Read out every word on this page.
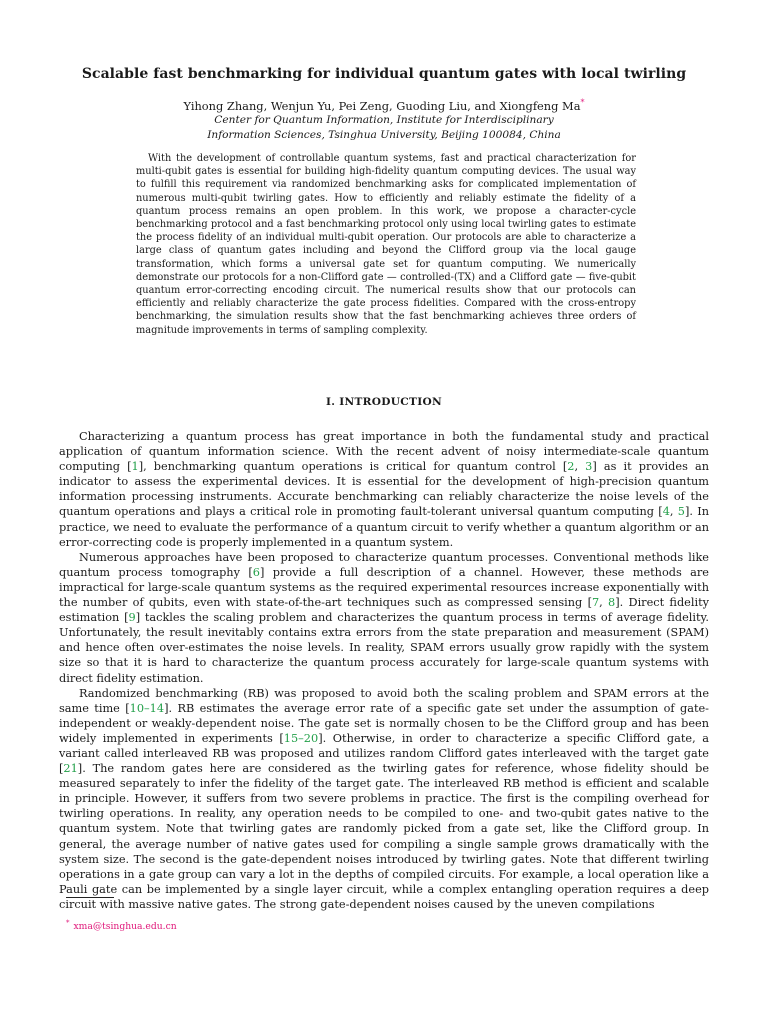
Scalable fast benchmarking for individual quantum gates with local twirling
Yihong Zhang, Wenjun Yu, Pei Zeng, Guoding Liu, and Xiongfeng Ma*
Center for Quantum Information, Institute for Interdisciplinary
Information Sciences, Tsinghua University, Beijing 100084, China
With the development of controllable quantum systems, fast and practical characterization for multi-qubit gates is essential for building high-fidelity quantum computing devices. The usual way to fulfill this requirement via randomized benchmarking asks for complicated implementation of numerous multi-qubit twirling gates. How to efficiently and reliably estimate the fidelity of a quantum process remains an open problem. In this work, we propose a character-cycle benchmarking protocol and a fast benchmarking protocol only using local twirling gates to estimate the process fidelity of an individual multi-qubit operation. Our protocols are able to characterize a large class of quantum gates including and beyond the Clifford group via the local gauge transformation, which forms a universal gate set for quantum computing. We numerically demonstrate our protocols for a non-Clifford gate — controlled-(TX) and a Clifford gate — five-qubit quantum error-correcting encoding circuit. The numerical results show that our protocols can efficiently and reliably characterize the gate process fidelities. Compared with the cross-entropy benchmarking, the simulation results show that the fast benchmarking achieves three orders of magnitude improvements in terms of sampling complexity.
I. INTRODUCTION

Characterizing a quantum process has great importance in both the fundamental study and practical application of quantum information science. With the recent advent of noisy intermediate-scale quantum computing [1], benchmarking quantum operations is critical for quantum control [2, 3] as it provides an indicator to assess the experimental devices. It is essential for the development of high-precision quantum information processing instruments. Accurate benchmarking can reliably characterize the noise levels of the quantum operations and plays a critical role in promoting fault-tolerant universal quantum computing [4, 5]. In practice, we need to evaluate the performance of a quantum circuit to verify whether a quantum algorithm or an error-correcting code is properly implemented in a quantum system.

Numerous approaches have been proposed to characterize quantum processes. Conventional methods like quantum process tomography [6] provide a full description of a channel. However, these methods are impractical for large-scale quantum systems as the required experimental resources increase exponentially with the number of qubits, even with state-of-the-art techniques such as compressed sensing [7, 8]. Direct fidelity estimation [9] tackles the scaling problem and characterizes the quantum process in terms of average fidelity. Unfortunately, the result inevitably contains extra errors from the state preparation and measurement (SPAM) and hence often over-estimates the noise levels. In reality, SPAM errors usually grow rapidly with the system size so that it is hard to characterize the quantum process accurately for large-scale quantum systems with direct fidelity estimation.

Randomized benchmarking (RB) was proposed to avoid both the scaling problem and SPAM errors at the same time [10–14]. RB estimates the average error rate of a specific gate set under the assumption of gate-independent or weakly-dependent noise. The gate set is normally chosen to be the Clifford group and has been widely implemented in experiments [15–20]. Otherwise, in order to characterize a specific Clifford gate, a variant called interleaved RB was proposed and utilizes random Clifford gates interleaved with the target gate [21]. The random gates here are considered as the twirling gates for reference, whose fidelity should be measured separately to infer the fidelity of the target gate. The interleaved RB method is efficient and scalable in principle. However, it suffers from two severe problems in practice. The first is the compiling overhead for twirling operations. In reality, any operation needs to be compiled to one- and two-qubit gates native to the quantum system. Note that twirling gates are randomly picked from a gate set, like the Clifford group. In general, the average number of native gates used for compiling a single sample grows dramatically with the system size. The second is the gate-dependent noises introduced by twirling gates. Note that different twirling operations in a gate group can vary a lot in the depths of compiled circuits. For example, a local operation like a Pauli gate can be implemented by a single layer circuit, while a complex entangling operation requires a deep circuit with massive native gates. The strong gate-dependent noises caused by the uneven compilations

* xma@tsinghua.edu.cn
